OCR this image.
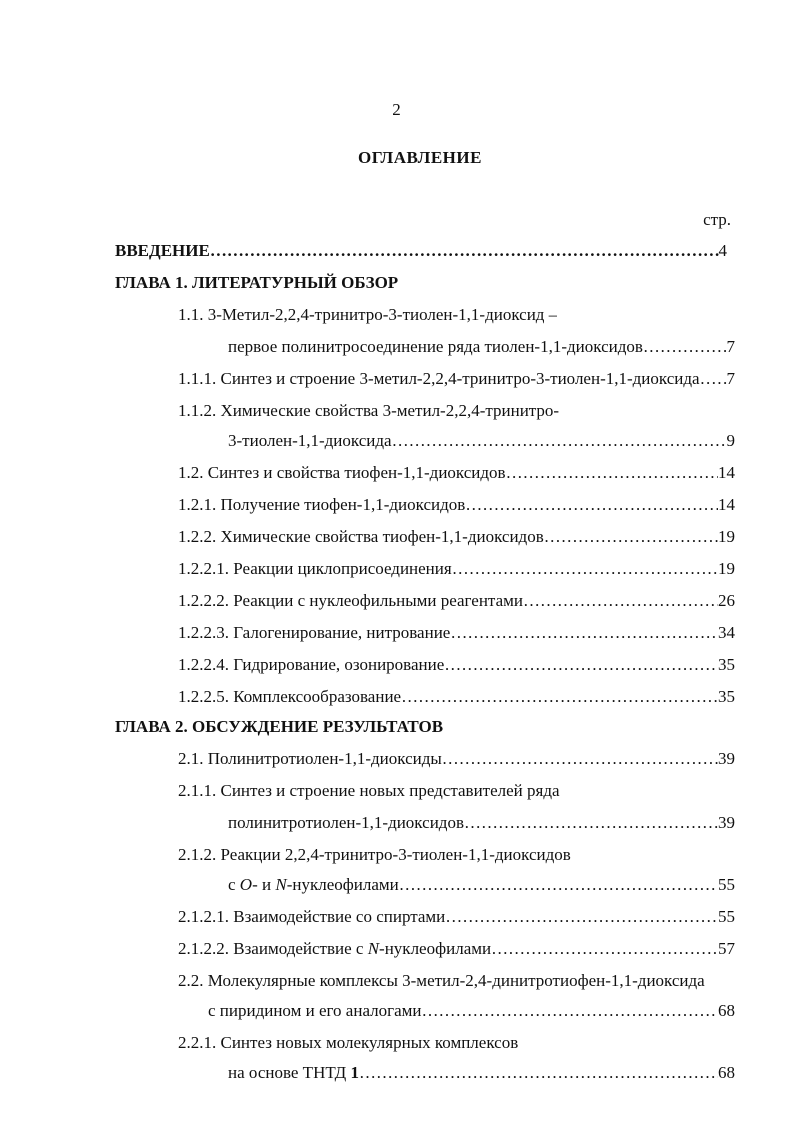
2
ОГЛАВЛЕНИЕ
стр.
ВВЕДЕНИЕ ……………………………………………………………………………………………………………………………………………………………………………	4
ГЛАВА 1. ЛИТЕРАТУРНЫЙ ОБЗОР
1.1. 3-Метил-2,2,4-тринитро-3-тиолен-1,1-диоксид –
первое полинитросоединение ряда тиолен-1,1-диоксидов ……………………………………………………………………………………………………………………………………………………………………………	7
1.1.1. Синтез и строение 3-метил-2,2,4-тринитро-3-тиолен-1,1-диоксида …………………………………………………………………………………………………………………………………………………………………………… 7
1.1.2. Химические свойства 3-метил-2,2,4-тринитро-
3-тиолен-1,1-диоксида ……………………………………………………………………………………………………………………………………………………………………………	9
1.2. Синтез и свойства тиофен-1,1-диоксидов ……………………………………………………………………………………………………………………………………………………………………………	14
1.2.1. Получение тиофен-1,1-диоксидов ……………………………………………………………………………………………………………………………………………………………………………	14
1.2.2. Химические свойства тиофен-1,1-диоксидов ……………………………………………………………………………………………………………………………………………………………………………	19
1.2.2.1. Реакции циклоприсоединения ……………………………………………………………………………………………………………………………………………………………………………	19
1.2.2.2. Реакции с нуклеофильными реагентами ……………………………………………………………………………………………………………………………………………………………………………	26
1.2.2.3. Галогенирование, нитрование ……………………………………………………………………………………………………………………………………………………………………………	34
1.2.2.4. Гидрирование, озонирование ……………………………………………………………………………………………………………………………………………………………………………	35
1.2.2.5. Комплексообразование ……………………………………………………………………………………………………………………………………………………………………………	35
ГЛАВА 2. ОБСУЖДЕНИЕ РЕЗУЛЬТАТОВ
2.1. Полинитротиолен-1,1-диоксиды ……………………………………………………………………………………………………………………………………………………………………………	39
2.1.1. Синтез и строение новых представителей ряда
полинитротиолен-1,1-диоксидов ……………………………………………………………………………………………………………………………………………………………………………	39
2.1.2. Реакции 2,2,4-тринитро-3-тиолен-1,1-диоксидов
с O- и N-нуклеофилами ……………………………………………………………………………………………………………………………………………………………………………	55
2.1.2.1. Взаимодействие со спиртами ……………………………………………………………………………………………………………………………………………………………………………	55
2.1.2.2. Взаимодействие с N-нуклеофилами ……………………………………………………………………………………………………………………………………………………………………………	57
2.2. Молекулярные комплексы 3-метил-2,4-динитротиофен-1,1-диоксида
с пиридином и его аналогами ……………………………………………………………………………………………………………………………………………………………………………	68
2.2.1. Синтез новых молекулярных комплексов
на основе ТНТД 1 ……………………………………………………………………………………………………………………………………………………………………………	68
